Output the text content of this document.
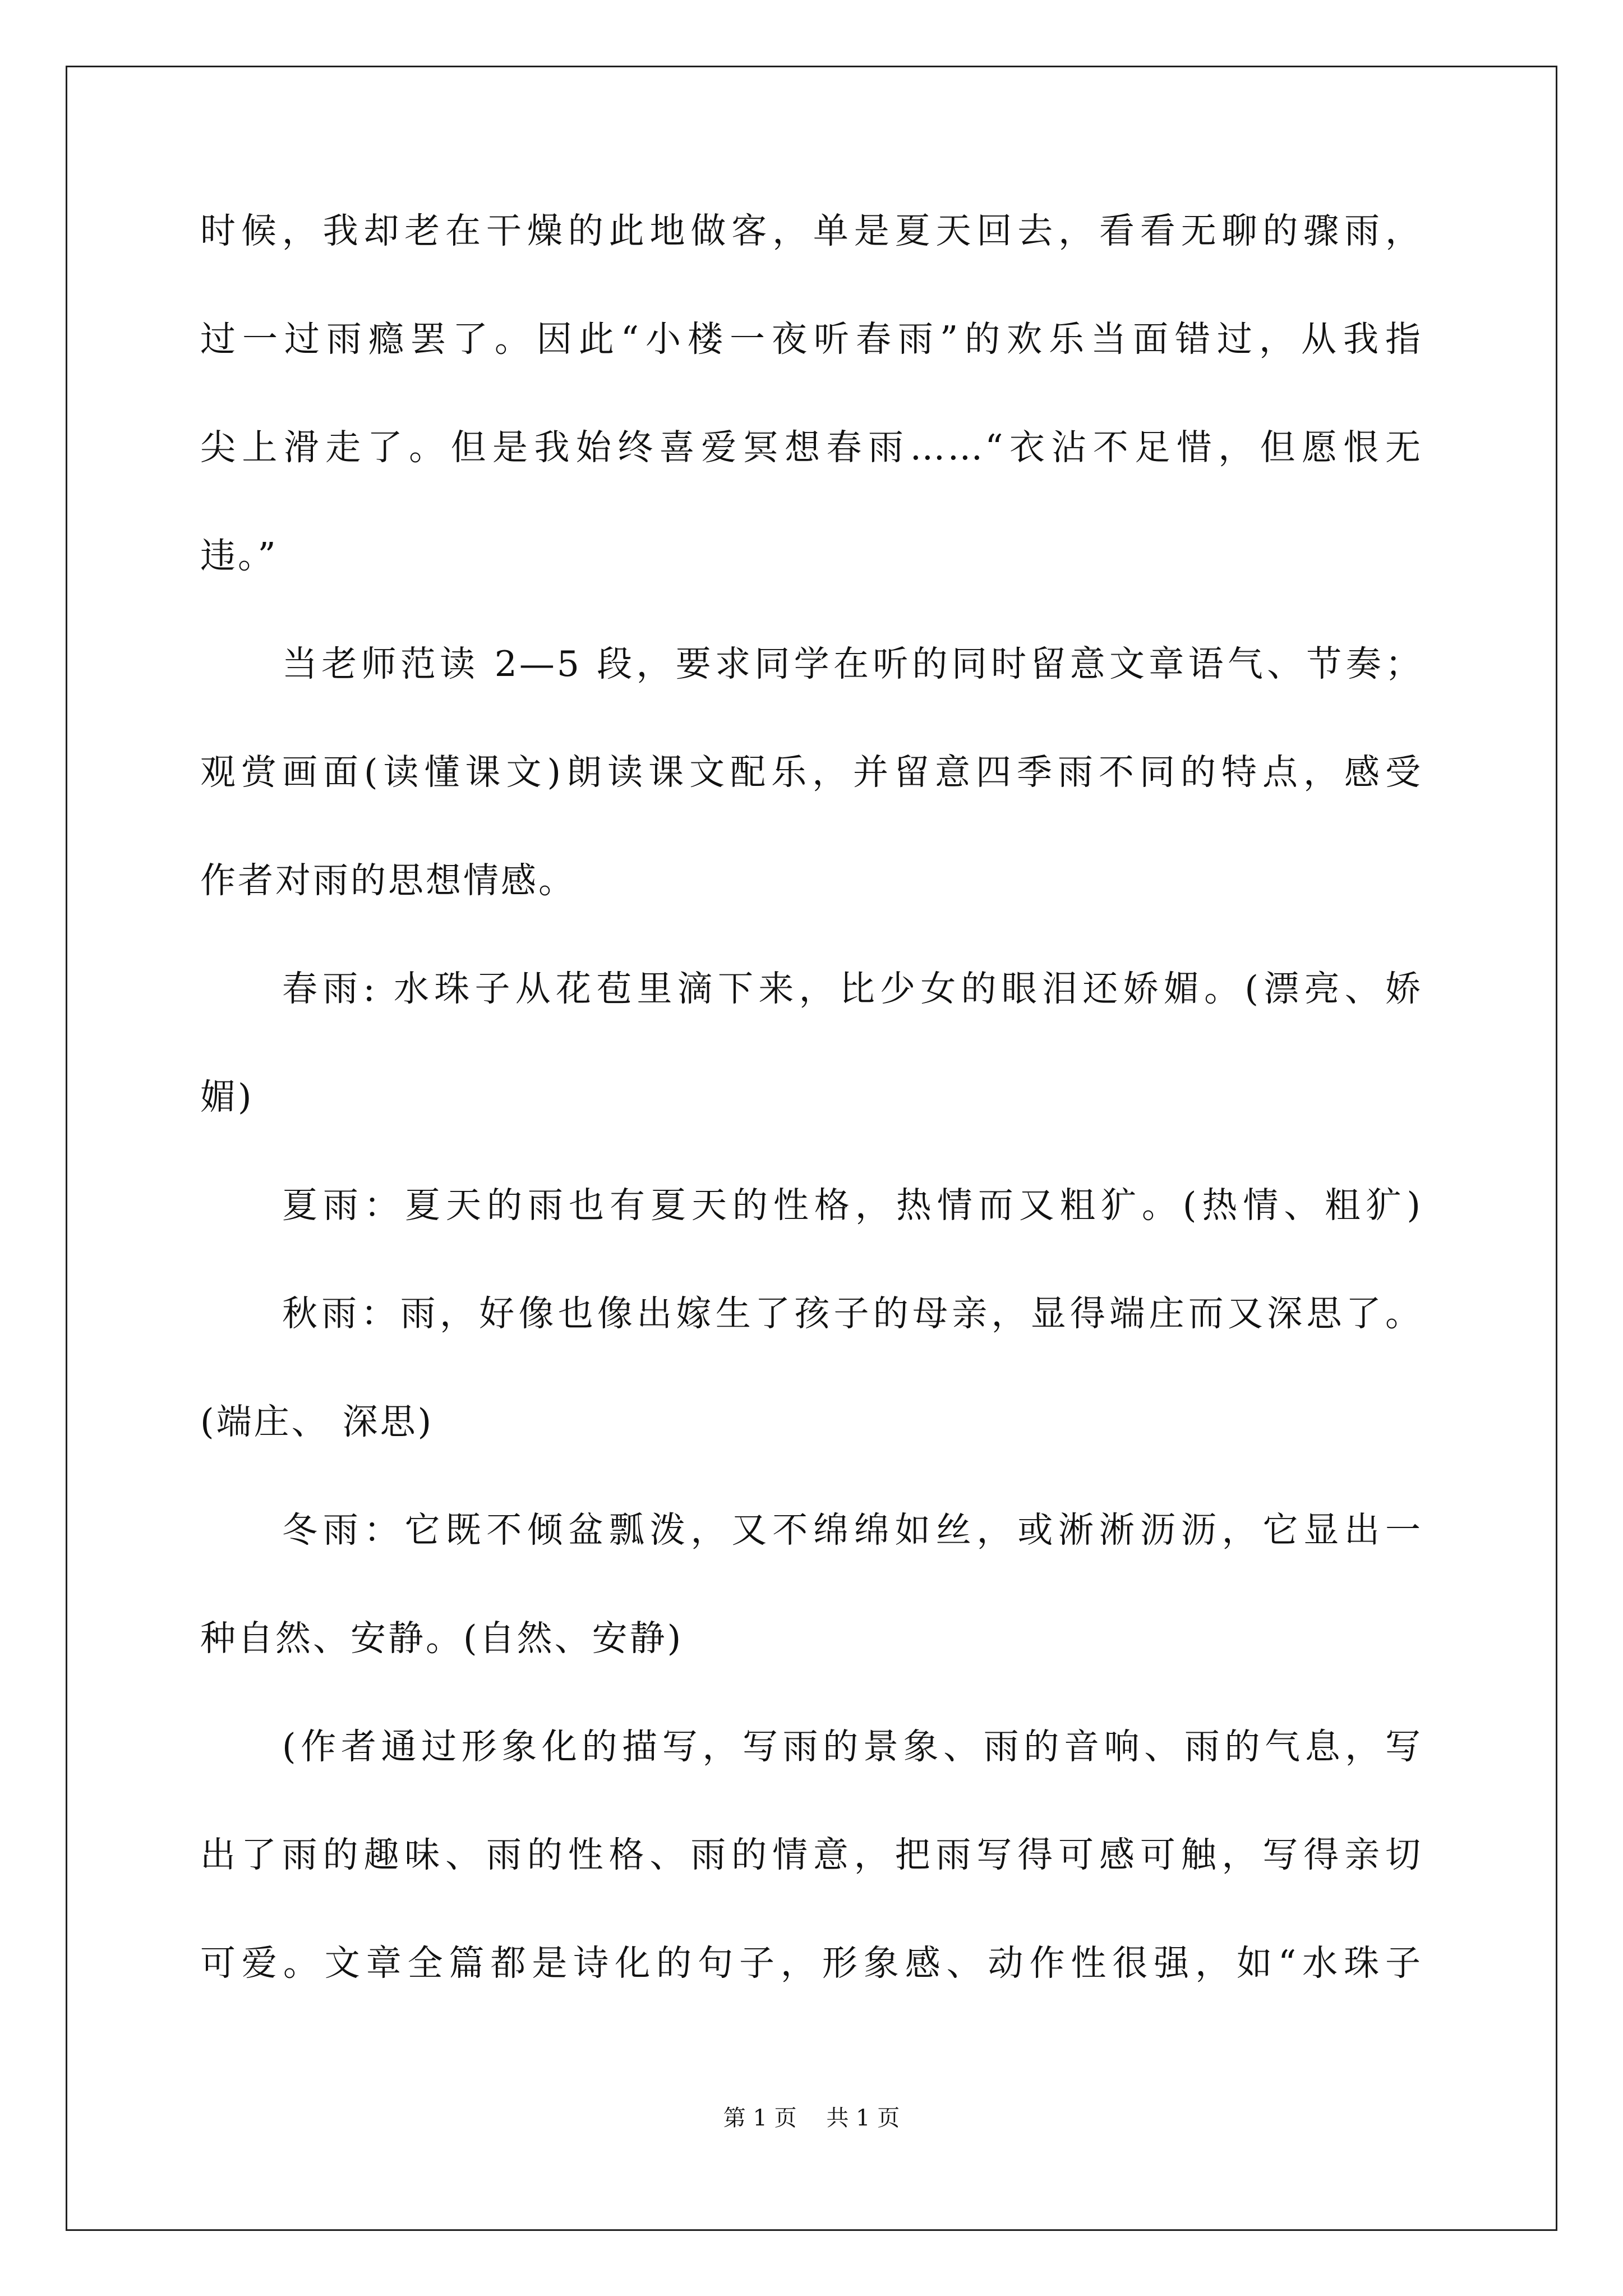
时候，我却老在干燥的此地做客，单是夏天回去，看看无聊的骤雨，
过一过雨瘾罢了。因此“小楼一夜听春雨”的欢乐当面错过，从我指
尖上滑走了。但是我始终喜爱冥想春雨……“衣沾不足惜，但愿恨无
违。”
当老师范读 2—5 段，要求同学在听的同时留意文章语气、节奏；
观赏画面(读懂课文)朗读课文配乐，并留意四季雨不同的特点，感受
作者对雨的思想情感。
春雨: 水珠子从花苞里滴下来，比少女的眼泪还娇媚。(漂亮、娇
媚)
夏雨：夏天的雨也有夏天的性格，热情而又粗犷。(热情、粗犷)
秋雨：雨，好像也像出嫁生了孩子的母亲，显得端庄而又深思了。
(端庄、 深思)
冬雨：它既不倾盆瓢泼，又不绵绵如丝，或淅淅沥沥，它显出一
种自然、安静。(自然、安静)
(作者通过形象化的描写，写雨的景象、雨的音响、雨的气息，写
出了雨的趣味、雨的性格、雨的情意，把雨写得可感可触，写得亲切
可爱。文章全篇都是诗化的句子，形象感、动作性很强，如“水珠子
第 1 页　 共 1 页
